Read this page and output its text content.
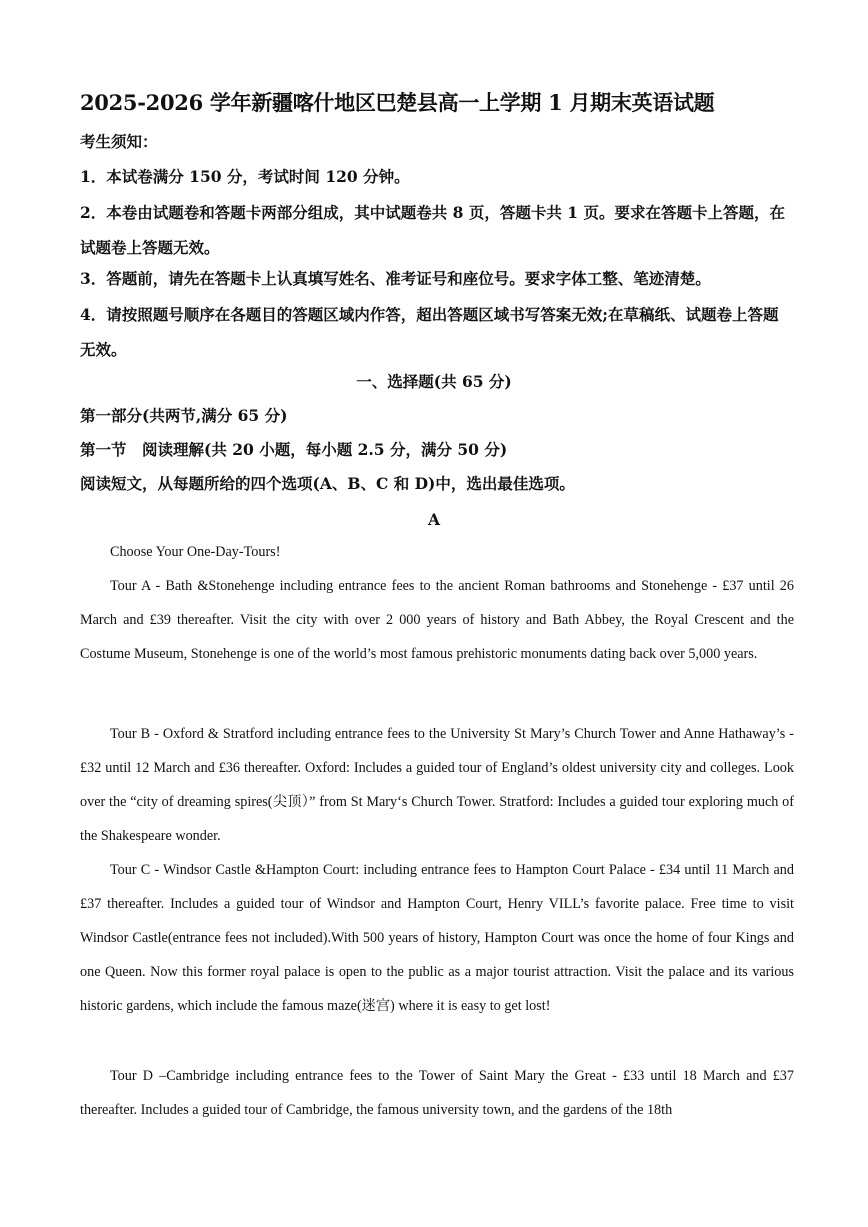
2025-2026 学年新疆喀什地区巴楚县高一上学期 1 月期末英语试题
考生须知：
1．本试卷满分 150 分，考试时间 120 分钟。
2．本卷由试题卷和答题卡两部分组成，其中试题卷共 8 页，答题卡共 1 页。要求在答题卡上答题，在试题卷上答题无效。
3．答题前，请先在答题卡上认真填写姓名、准考证号和座位号。要求字体工整、笔迹清楚。
4．请按照题号顺序在各题目的答题区域内作答，超出答题区域书写答案无效;在草稿纸、试题卷上答题无效。
一、选择题(共 65 分)
第一部分(共两节,满分 65 分)
第一节　阅读理解(共 20 小题，每小题 2.5 分，满分 50 分)
阅读短文，从每题所给的四个选项(A、B、C 和 D)中，选出最佳选项。
A
Choose Your One-Day-Tours!
Tour A - Bath &Stonehenge including entrance fees to the ancient Roman bathrooms and Stonehenge - £37 until 26 March and £39 thereafter. Visit the city with over 2 000 years of history and Bath Abbey, the Royal Crescent and the Costume Museum, Stonehenge is one of the world’s most famous prehistoric monuments dating back over 5,000 years.
Tour B - Oxford & Stratford including entrance fees to the University St Mary’s Church Tower and Anne Hathaway’s - £32 until 12 March and £36 thereafter. Oxford: Includes a guided tour of England’s oldest university city and colleges. Look over the “city of dreaming spires(尖顶）” from St Mary‘s Church Tower. Stratford: Includes a guided tour exploring much of the Shakespeare wonder.
Tour C - Windsor Castle &Hampton Court: including entrance fees to Hampton Court Palace - £34 until 11 March and £37 thereafter. Includes a guided tour of Windsor and Hampton Court, Henry VILL’s favorite palace. Free time to visit Windsor Castle(entrance fees not included).With 500 years of history, Hampton Court was once the home of four Kings and one Queen. Now this former royal palace is open to the public as a major tourist attraction. Visit the palace and its various historic gardens, which include the famous maze(迷宫) where it is easy to get lost!
Tour D –Cambridge including entrance fees to the Tower of Saint Mary the Great - £33 until 18 March and £37 thereafter. Includes a guided tour of Cambridge, the famous university town, and the gardens of the 18th
